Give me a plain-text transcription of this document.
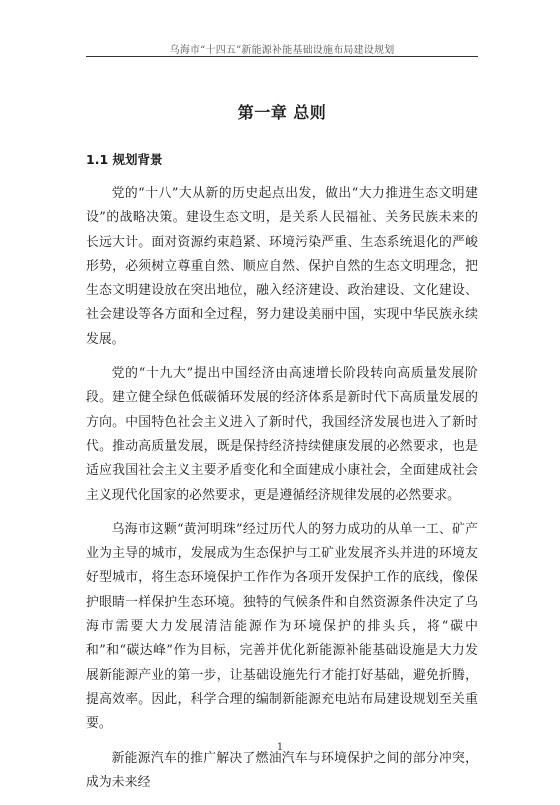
乌海市“十四五”新能源补能基础设施布局建设规划
第一章 总则
1.1 规划背景

党的“十八”大从新的历史起点出发，做出“大力推进生态文明建设”的战略决策。建设生态文明，是关系人民福祉、关务民族未来的长远大计。面对资源约束趋紧、环境污染严重、生态系统退化的严峻形势，必须树立尊重自然、顺应自然、保护自然的生态文明理念，把生态文明建设放在突出地位，融入经济建设、政治建设、文化建设、社会建设等各方面和全过程，努力建设美丽中国，实现中华民族永续发展。

党的“十九大”提出中国经济由高速增长阶段转向高质量发展阶段。建立健全绿色低碳循环发展的经济体系是新时代下高质量发展的方向。中国特色社会主义进入了新时代，我国经济发展也进入了新时代。推动高质量发展，既是保持经济持续健康发展的必然要求，也是适应我国社会主义主要矛盾变化和全面建成小康社会，全面建成社会主义现代化国家的必然要求，更是遵循经济规律发展的必然要求。

乌海市这颗“黄河明珠”经过历代人的努力成功的从单一工、矿产业为主导的城市，发展成为生态保护与工矿业发展齐头并进的环境友好型城市，将生态环境保护工作作为各项开发保护工作的底线，像保护眼睛一样保护生态环境。独特的气候条件和自然资源条件决定了乌海市需要大力发展清洁能源作为环境保护的排头兵，将“碳中和”和“碳达峰”作为目标，完善并优化新能源补能基础设施是大力发展新能源产业的第一步，让基础设施先行才能打好基础，避免折腾，提高效率。因此，科学合理的编制新能源充电站布局建设规划至关重要。

新能源汽车的推广解决了燃油汽车与环境保护之间的部分冲突，成为未来经

1
